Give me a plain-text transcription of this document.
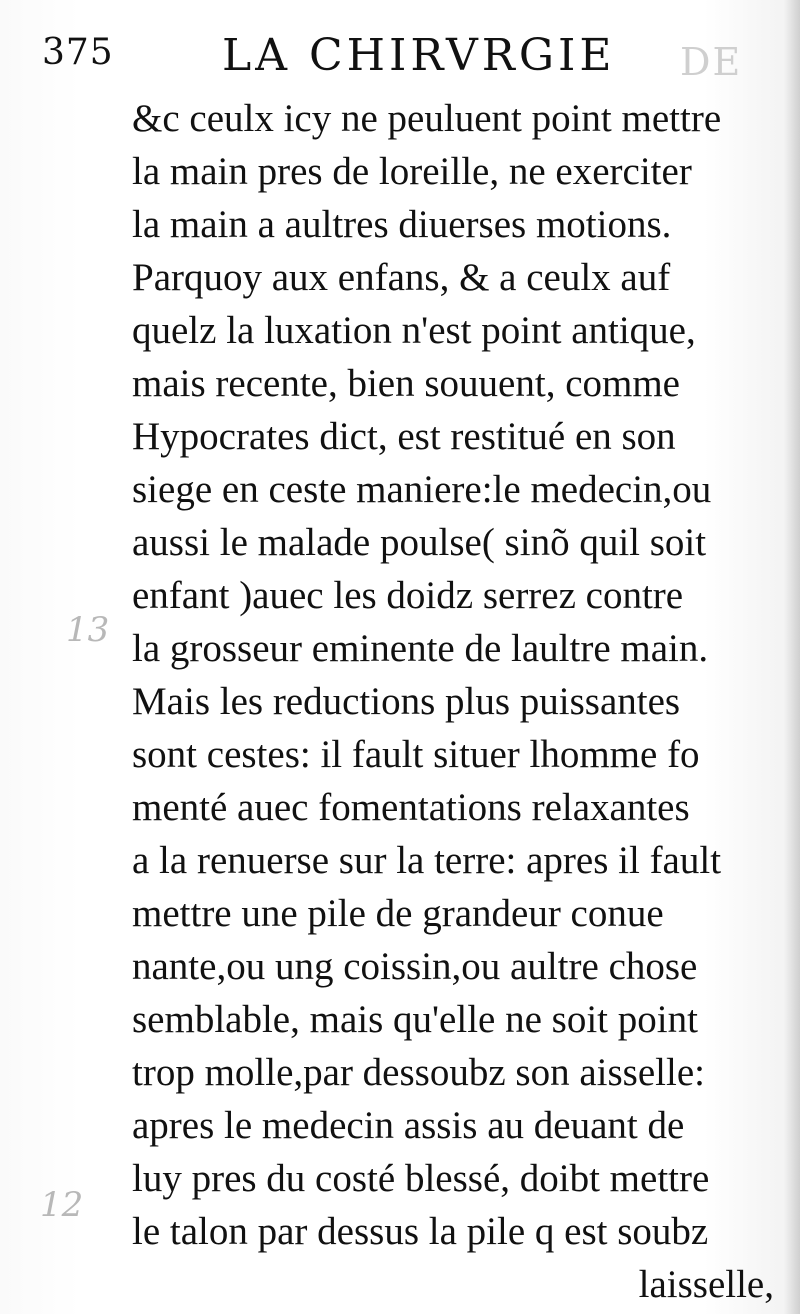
375 LA CHIRVRGIE DE
13
12
&c ceulx icy ne peuluent point mettre
la main pres de loreille, ne exerciter
la main a aultres diuerses motions.
Parquoy aux enfans, & a ceulx auf
quelz la luxation n'est point antique,
mais recente, bien souuent, comme
Hypocrates dict, est restitué en son
siege en ceste maniere:le medecin,ou
aussi le malade poulse( sinõ quil soit
enfant )auec les doidz serrez contre
la grosseur eminente de laultre main.
Mais les reductions plus puissantes
sont cestes: il fault situer lhomme fo
menté auec fomentations relaxantes
a la renuerse sur la terre: apres il fault
mettre une pile de grandeur conue
nante,ou ung coissin,ou aultre chose
semblable, mais qu'elle ne soit point
trop molle,par dessoubz son aisselle:
apres le medecin assis au deuant de
luy pres du costé blessé, doibt mettre
le talon par dessus la pile q est soubz
laisselle,
